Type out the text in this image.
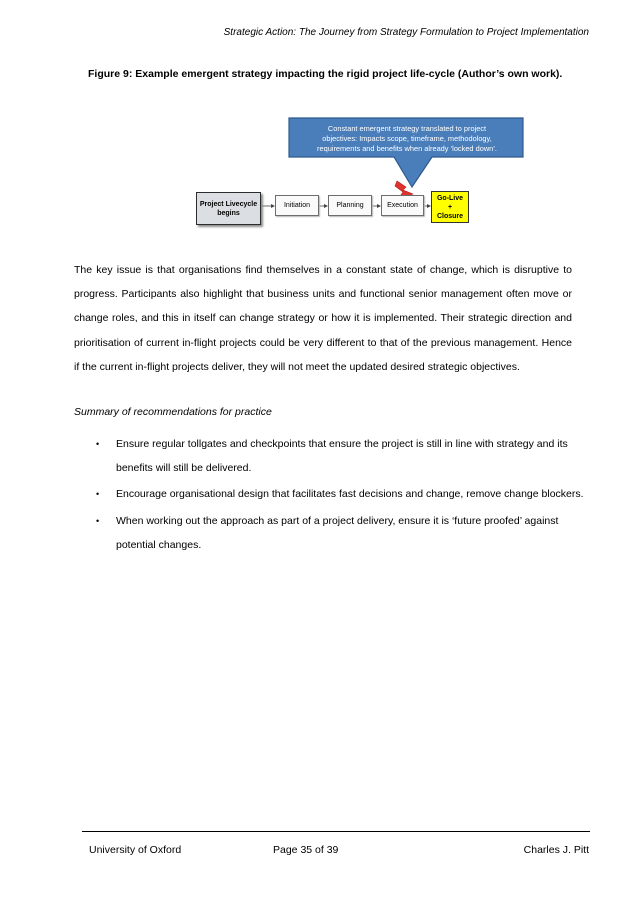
Strategic Action: The Journey from Strategy Formulation to Project Implementation
Figure 9: Example emergent strategy impacting the rigid project life-cycle (Author’s own work).
Constant emergent strategy translated to project
objectives: Impacts scope, timeframe, methodology,
requirements and benefits when already ‘locked down’.
Project Livecycle
begins
Initiation	Planning	Execution
Go-Live
+
Closure
The key issue is that organisations find themselves in a constant state of change, which is disruptive to progress. Participants also highlight that business units and functional senior management often move or change roles, and this in itself can change strategy or how it is implemented. Their strategic direction and prioritisation of current in-flight projects could be very different to that of the previous management. Hence if the current in-flight projects deliver, they will not meet the updated desired strategic objectives.
Summary of recommendations for practice
• Ensure regular tollgates and checkpoints that ensure the project is still in line with strategy and its benefits will still be delivered.
• Encourage organisational design that facilitates fast decisions and change, remove change blockers.
• When working out the approach as part of a project delivery, ensure it is ‘future proofed’ against potential changes.
University of Oxford	Page 35 of 39	Charles J. Pitt
